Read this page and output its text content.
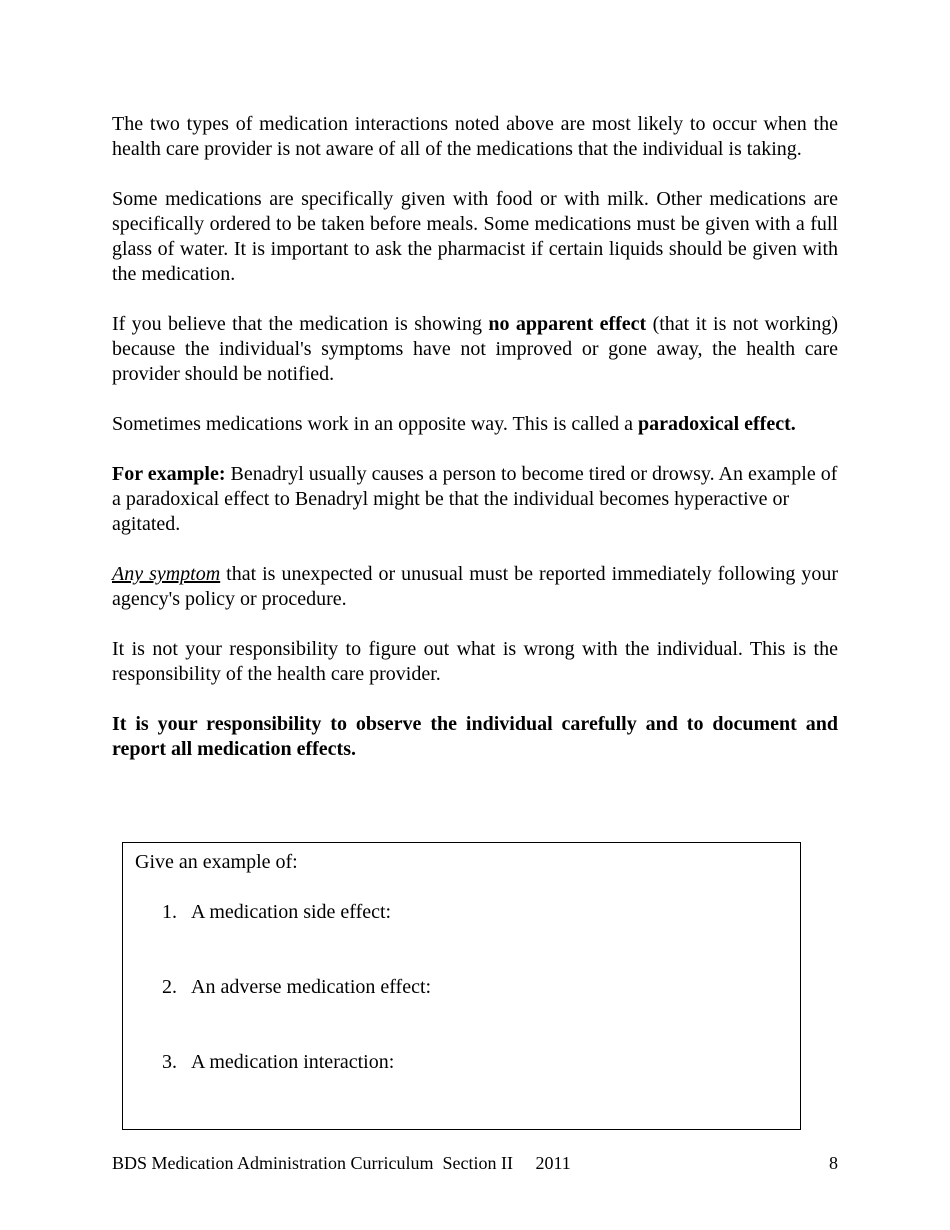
The two types of medication interactions noted above are most likely to occur when the health care provider is not aware of all of the medications that the individual is taking.

Some medications are specifically given with food or with milk. Other medications are specifically ordered to be taken before meals. Some medications must be given with a full glass of water. It is important to ask the pharmacist if certain liquids should be given with the medication.

If you believe that the medication is showing no apparent effect (that it is not working) because the individual's symptoms have not improved or gone away, the health care provider should be notified.

Sometimes medications work in an opposite way. This is called a paradoxical effect.

For example: Benadryl usually causes a person to become tired or drowsy. An example of a paradoxical effect to Benadryl might be that the individual becomes hyperactive or agitated.

Any symptom that is unexpected or unusual must be reported immediately following your agency's policy or procedure.

It is not your responsibility to figure out what is wrong with the individual. This is the responsibility of the health care provider.

It is your responsibility to observe the individual carefully and to document and report all medication effects.

Give an example of:
1. A medication side effect:
2. An adverse medication effect:
3. A medication interaction:
BDS Medication Administration Curriculum  Section II     2011	8
